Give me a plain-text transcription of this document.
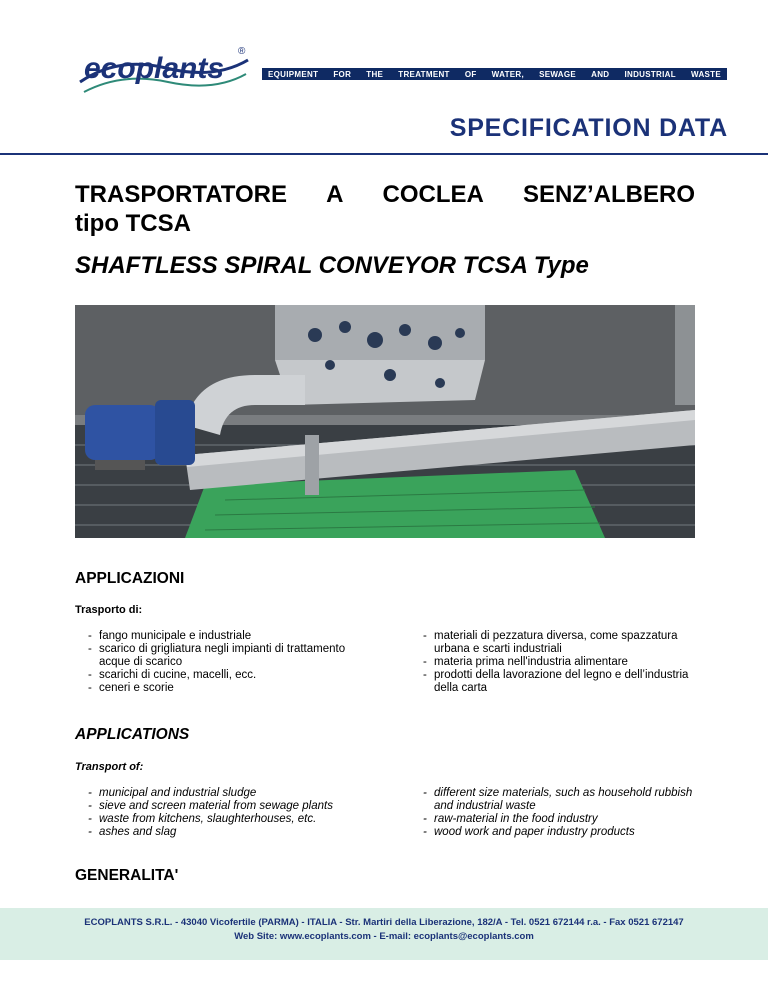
ecoplants
®
EQUIPMENT FOR THE TREATMENT OF WATER, SEWAGE AND INDUSTRIAL WASTE
SPECIFICATION DATA
TRASPORTATORE A COCLEA SENZ’ALBERO
tipo TCSA
SHAFTLESS SPIRAL CONVEYOR TCSA Type
APPLICAZIONI
Trasporto di:
- fango municipale e industriale
- scarico di grigliatura negli impianti di trattamento acque di scarico
- scarichi di cucine, macelli, ecc.
- ceneri e scorie
- materiali di pezzatura diversa, come spazzatura urbana e scarti industriali
- materia prima nell'industria alimentare
- prodotti della lavorazione del legno e dell’industria della carta
APPLICATIONS
Transport of:
- municipal and industrial sludge
- sieve and screen material from sewage plants
- waste from kitchens, slaughterhouses, etc.
- ashes and slag
- different size materials, such as household rubbish and industrial waste
- raw-material in the food industry
- wood work and paper industry products
GENERALITA'
ECOPLANTS S.R.L. - 43040 Vicofertile (PARMA) - ITALIA - Str. Martiri della Liberazione, 182/A - Tel. 0521 672144 r.a. - Fax 0521 672147
Web Site: www.ecoplants.com - E-mail: ecoplants@ecoplants.com
